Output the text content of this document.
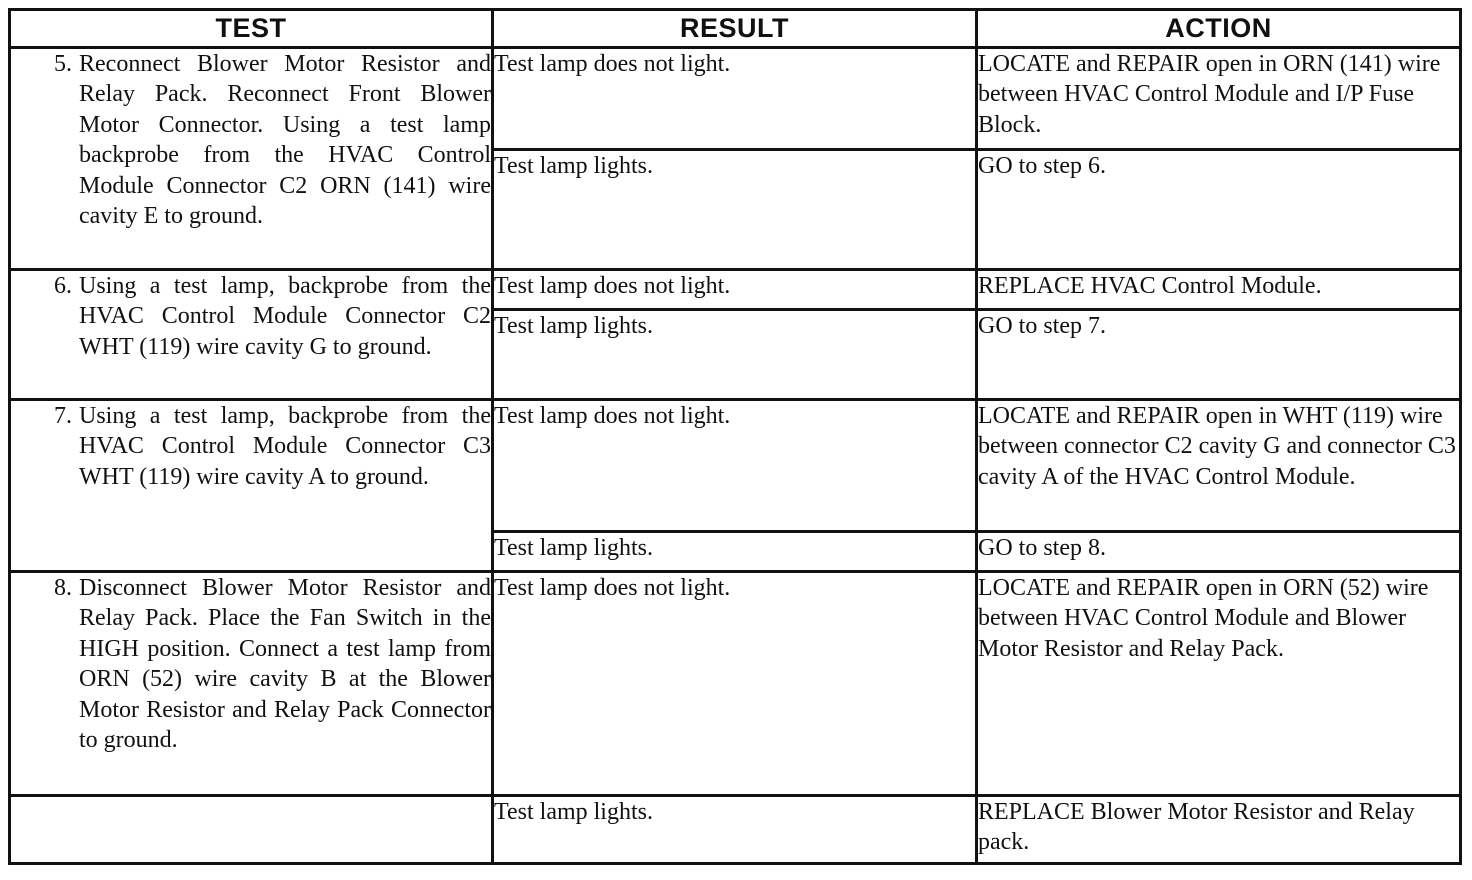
TEST	RESULT	ACTION

5. Reconnect Blower Motor Resistor and Relay Pack. Reconnect Front Blower Motor Connector. Using a test lamp backprobe from the HVAC Control Module Connector C2 ORN (141) wire cavity E to ground.	Test lamp does not light.	LOCATE and REPAIR open in ORN (141) wire between HVAC Control Module and I/P Fuse Block.
	Test lamp lights.	GO to step 6.

6. Using a test lamp, backprobe from the HVAC Control Module Connector C2 WHT (119) wire cavity G to ground.	Test lamp does not light.	REPLACE HVAC Control Module.
	Test lamp lights.	GO to step 7.

7. Using a test lamp, backprobe from the HVAC Control Module Connector C3 WHT (119) wire cavity A to ground.	Test lamp does not light.	LOCATE and REPAIR open in WHT (119) wire between connector C2 cavity G and connector C3 cavity A of the HVAC Control Module.
	Test lamp lights.	GO to step 8.

8. Disconnect Blower Motor Resistor and Relay Pack. Place the Fan Switch in the HIGH position. Connect a test lamp from ORN (52) wire cavity B at the Blower Motor Resistor and Relay Pack Connector to ground.	Test lamp does not light.	LOCATE and REPAIR open in ORN (52) wire between HVAC Control Module and Blower Motor Resistor and Relay Pack.
	Test lamp lights.	REPLACE Blower Motor Resistor and Relay pack.
